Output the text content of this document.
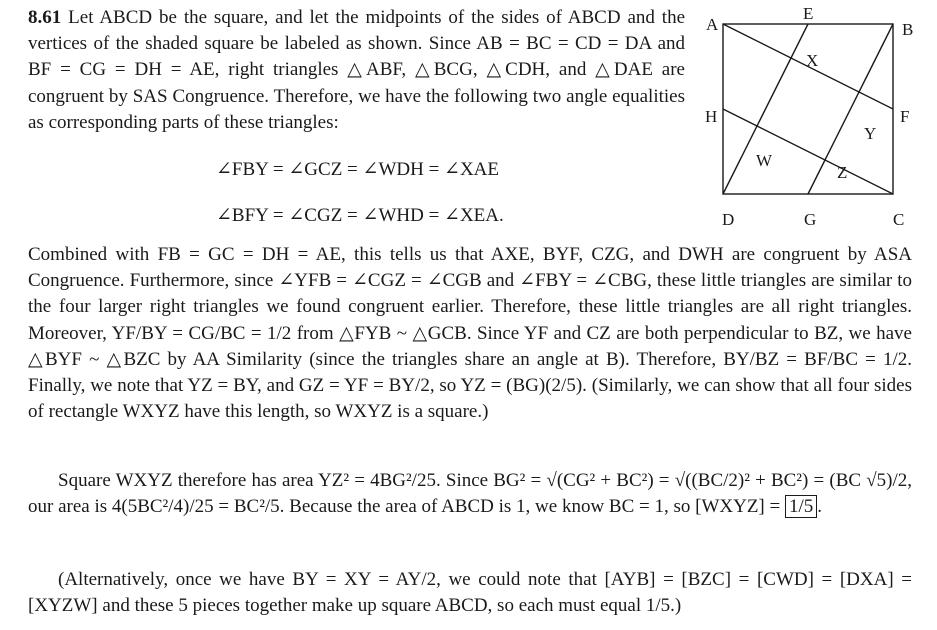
A	B
C
D
E
F
G
H
W
X
Y
Z

8.61 Let ABCD be the square, and let the midpoints of the sides of ABCD and the vertices of the shaded square be labeled as shown. Since AB = BC = CD = DA and BF = CG = DH = AE, right triangles △ABF, △BCG, △CDH, and △DAE are congruent by SAS Congruence. Therefore, we have the following two angle equalities as corresponding parts of these triangles:

∠FBY = ∠GCZ = ∠WDH = ∠XAE
∠BFY = ∠CGZ = ∠WHD = ∠XEA.

Combined with FB = GC = DH = AE, this tells us that AXE, BYF, CZG, and DWH are congruent by ASA Congruence. Furthermore, since ∠YFB = ∠CGZ = ∠CGB and ∠FBY = ∠CBG, these little triangles are similar to the four larger right triangles we found congruent earlier. Therefore, these little triangles are all right triangles. Moreover, YF/BY = CG/BC = 1/2 from △FYB ~ △GCB. Since YF and CZ are both perpendicular to BZ, we have △BYF ~ △BZC by AA Similarity (since the triangles share an angle at B). Therefore, BY/BZ = BF/BC = 1/2. Finally, we note that YZ = BY, and GZ = YF = BY/2, so YZ = (BG)(2/5). (Similarly, we can show that all four sides of rectangle WXYZ have this length, so WXYZ is a square.)

Square WXYZ therefore has area YZ² = 4BG²/25. Since BG² = √(CG² + BC²) = √((BC/2)² + BC²) = (BC √5)/2, our area is 4(5BC²/4)/25 = BC²/5. Because the area of ABCD is 1, we know BC = 1, so [WXYZ] = 1/5 .

(Alternatively, once we have BY = XY = AY/2, we could note that [AYB] = [BZC] = [CWD] = [DXA] = [XYZW] and these 5 pieces together make up square ABCD, so each must equal 1/5.)
